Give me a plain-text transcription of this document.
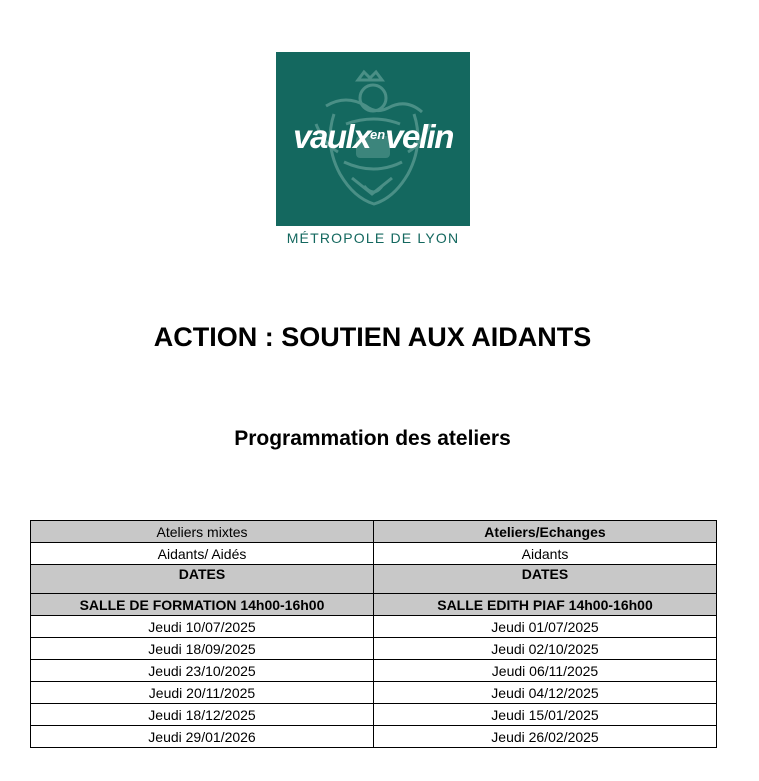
vaulx$^{en}$velin
MÉTROPOLE DE LYON
ACTION : SOUTIEN AUX AIDANTS
Programmation des ateliers
Ateliers mixtes	Ateliers/Echanges
Aidants/ Aidés	Aidants
DATES	DATES
SALLE DE FORMATION 14h00-16h00	SALLE EDITH PIAF 14h00-16h00
Jeudi 10/07/2025	Jeudi 01/07/2025
Jeudi 18/09/2025	Jeudi 02/10/2025
Jeudi 23/10/2025	Jeudi 06/11/2025
Jeudi 20/11/2025	Jeudi 04/12/2025
Jeudi 18/12/2025	Jeudi 15/01/2025
Jeudi 29/01/2026	Jeudi 26/02/2025
